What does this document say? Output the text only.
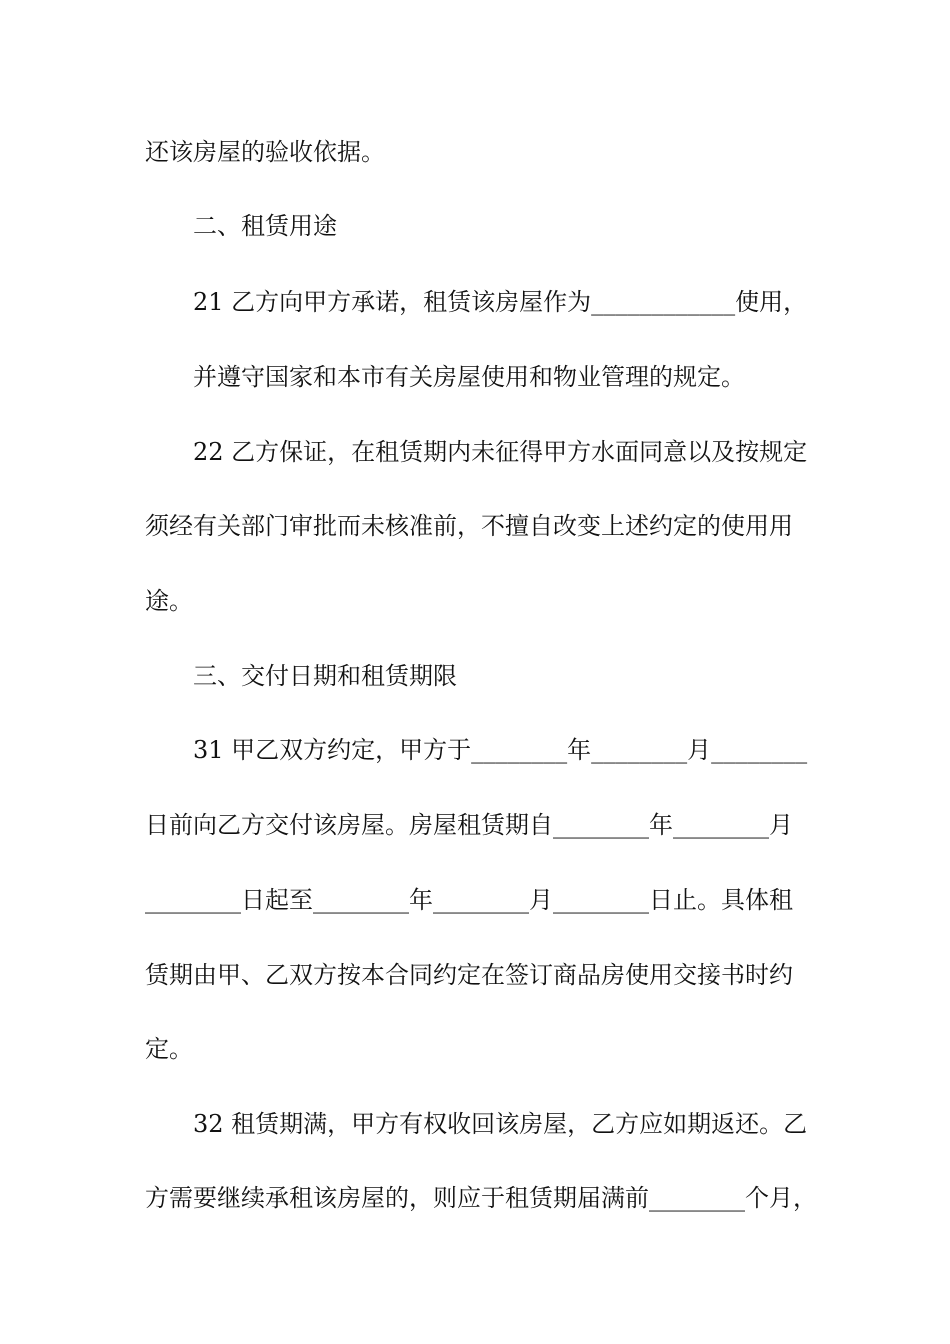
还该房屋的验收依据。
二、租赁用途
21 乙方向甲方承诺，租赁该房屋作为____________使用，
并遵守国家和本市有关房屋使用和物业管理的规定。
22 乙方保证，在租赁期内未征得甲方水面同意以及按规定
须经有关部门审批而未核准前，不擅自改变上述约定的使用用
途。
三、交付日期和租赁期限
31 甲乙双方约定，甲方于________年________月________
日前向乙方交付该房屋。房屋租赁期自________年________月
________日起至________年________月________日止。具体租
赁期由甲、乙双方按本合同约定在签订商品房使用交接书时约
定。
32 租赁期满，甲方有权收回该房屋，乙方应如期返还。乙
方需要继续承租该房屋的，则应于租赁期届满前________个月，
